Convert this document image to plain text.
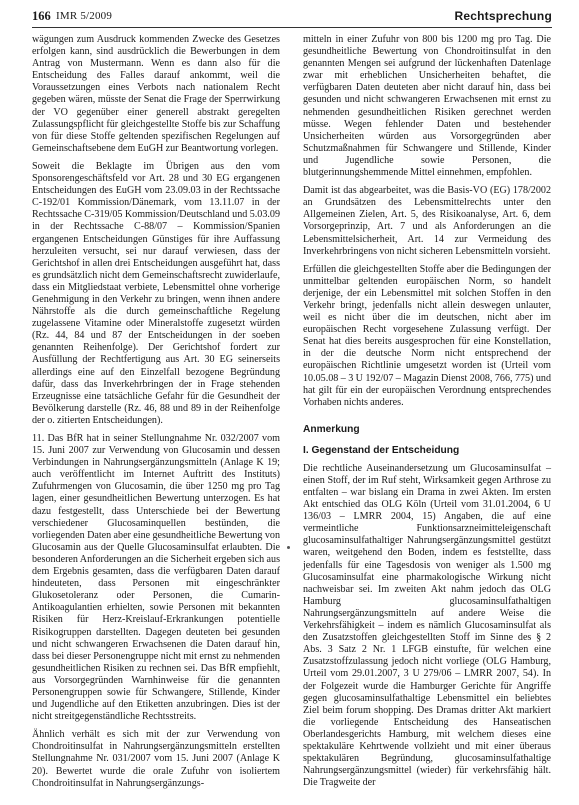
166 IMR 5/2009	Rechtsprechung

wägungen zum Ausdruck kommenden Zwecke des Gesetzes erfolgen kann, sind ausdrücklich die Bewerbungen in dem Antrag von Mustermann. Wenn es dann also für die Entscheidung des Falles darauf ankommt, weil die Voraussetzungen eines Verbots nach nationalem Recht gegeben wären, müsste der Senat die Frage der Sperrwirkung der VO gegenüber einer generell abstrakt geregelten Zulassungspflicht für gleichgestellte Stoffe bis zur Schaffung von für diese Stoffe geltenden spezifischen Regelungen auf Gemeinschaftsebene dem EuGH zur Beantwortung vorlegen.

Soweit die Beklagte im Übrigen aus den vom Sponsorengeschäftsfeld vor Art. 28 und 30 EG ergangenen Entscheidungen des EuGH vom 23.09.03 in der Rechtssache C-192/01 Kommission/Dänemark, vom 13.11.07 in der Rechtssache C-319/05 Kommission/Deutschland und 5.03.09 in der Rechtssache C-88/07 – Kommission/Spanien ergangenen Entscheidungen Günstiges für ihre Auffassung herzuleiten versucht, sei nur darauf verwiesen, dass der Gerichtshof in allen drei Entscheidungen ausgeführt hat, dass es grundsätzlich nicht dem Gemeinschaftsrecht zuwiderlaufe, dass ein Mitgliedstaat verbiete, Lebensmittel ohne vorherige Genehmigung in den Verkehr zu bringen, wenn ihnen andere Nährstoffe als die durch gemeinschaftliche Regelung zugelassene Vitamine oder Mineralstoffe zugesetzt würden (Rz. 44, 84 und 87 der Entscheidungen in der soeben genannten Reihenfolge). Der Gerichtshof fordert zur Ausfüllung der Rechtfertigung aus Art. 30 EG seinerseits allerdings eine auf den Einzelfall bezogene Begründung dafür, dass das Inverkehrbringen der in Frage stehenden Erzeugnisse eine tatsächliche Gefahr für die Gesundheit der Bevölkerung darstelle (Rz. 46, 88 und 89 in der Reihenfolge der o. zitierten Entscheidungen).

11. Das BfR hat in seiner Stellungnahme Nr. 032/2007 vom 15. Juni 2007 zur Verwendung von Glucosamin und dessen Verbindungen in Nahrungsergänzungsmitteln (Anlage K 19; auch veröffentlicht im Internet Auftritt des Instituts) Zufuhrmengen von Glucosamin, die über 1250 mg pro Tag lagen, einer gesundheitlichen Bewertung unterzogen. Es hat dazu festgestellt, dass Unterschiede bei der Bewertung verschiedener Glucosaminquellen bestünden, die vorliegenden Daten aber eine gesundheitliche Bewertung von Glucosamin aus der Quelle Glucosaminsulfat erlaubten. Die besonderen Anforderungen an die Sicherheit ergeben sich aus dem Ergebnis gesamten, dass die verfügbaren Daten darauf hindeuteten, dass Personen mit eingeschränkter Glukosetoleranz oder Personen, die Cumarin-Antikoagulantien erhielten, sowie Personen mit bekannten Risiken für Herz-Kreislauf-Erkrankungen potentielle Risikogruppen darstellten. Dagegen deuteten bei gesunden und nicht schwangeren Erwachsenen die Daten darauf hin, dass bei dieser Personengruppe nicht mit ernst zu nehmenden gesundheitlichen Risiken zu rechnen sei. Das BfR empfiehlt, aus Vorsorgegründen Warnhinweise für die genannten Personengruppen sowie für Schwangere, Stillende, Kinder und Jugendliche auf den Etiketten anzubringen. Dies ist der nicht streitgegenständliche Rechtsstreits.

Ähnlich verhält es sich mit der zur Verwendung von Chondroitinsulfat in Nahrungsergänzungsmitteln erstellten Stellungnahme Nr. 031/2007 vom 15. Juni 2007 (Anlage K 20). Bewertet wurde die orale Zufuhr von isoliertem Chondroitinsulfat in Nahrungsergänzungs-

mitteln in einer Zufuhr von 800 bis 1200 mg pro Tag. Die gesundheitliche Bewertung von Chondroitinsulfat in den genannten Mengen sei aufgrund der lückenhaften Datenlage zwar mit erheblichen Unsicherheiten behaftet, die verfügbaren Daten deuteten aber nicht darauf hin, dass bei gesunden und nicht schwangeren Erwachsenen mit ernst zu nehmenden gesundheitlichen Risiken gerechnet werden müsse. Wegen fehlender Daten und bestehender Unsicherheiten würden aus Vorsorgegründen aber Schutzmaßnahmen für Schwangere und Stillende, Kinder und Jugendliche sowie Personen, die blutgerinnungshemmende Mittel einnehmen, empfohlen.

Damit ist das abgearbeitet, was die Basis-VO (EG) 178/2002 an Grundsätzen des Lebensmittelrechts unter den Allgemeinen Zielen, Art. 5, des Risikoanalyse, Art. 6, dem Vorsorgeprinzip, Art. 7 und als Anforderungen an die Lebensmittelsicherheit, Art. 14 zur Vermeidung des Inverkehrbringens von nicht sicheren Lebensmitteln vorsieht.

Erfüllen die gleichgestellten Stoffe aber die Bedingungen der unmittelbar geltenden europäischen Norm, so handelt derjenige, der ein Lebensmittel mit solchen Stoffen in den Verkehr bringt, jedenfalls nicht allein deswegen unlauter, weil es nicht über die im deutschen, nicht aber im europäischen Recht vorgesehene Zulassung verfügt. Der Senat hat dies bereits ausgesprochen für eine Konstellation, in der die deutsche Norm nicht entsprechend der europäischen Richtlinie umgesetzt worden ist (Urteil vom 10.05.08 – 3 U 192/07 – Magazin Dienst 2008, 766, 775) und hat gilt für ein der europäischen Verordnung entsprechendes Vorhaben nichts anderes.

Anmerkung
I. Gegenstand der Entscheidung

Die rechtliche Auseinandersetzung um Glucosaminsulfat – einen Stoff, der im Ruf steht, Wirksamkeit gegen Arthrose zu entfalten – war bislang ein Drama in zwei Akten. Im ersten Akt entschied das OLG Köln (Urteil vom 31.01.2004, 6 U 136/03 – LMRR 2004, 15) Angaben, die auf eine vermeintliche Funktionsarzneimitteleigenschaft glucosaminsulfathaltiger Nahrungsergänzungsmittel gestützt waren, weitgehend den Boden, indem es feststellte, dass jedenfalls für eine Tagesdosis von weniger als 1.500 mg Glucosaminsulfat eine pharmakologische Wirkung nicht nachweisbar sei. Im zweiten Akt nahm jedoch das OLG Hamburg glucosaminsulfathaltigen Nahrungsergänzungsmitteln auf andere Weise die Verkehrsfähigkeit – indem es nämlich Glucosaminsulfat als den Zusatzstoffen gleichgestellten Stoff im Sinne des § 2 Abs. 3 Satz 2 Nr. 1 LFGB einstufte, für welchen eine Zusatzstoffzulassung jedoch nicht vorliege (OLG Hamburg, Urteil vom 29.01.2007, 3 U 279/06 – LMRR 2007, 54). In der Folgezeit wurde die Hamburger Gerichte für Angriffe gegen glucosaminsulfathaltige Lebensmittel ein beliebtes Ziel beim forum shopping. Des Dramas dritter Akt markiert die vorliegende Entscheidung des Hanseatischen Oberlandesgerichts Hamburg, mit welchem dieses eine spektakuläre Kehrtwende vollzieht und mit einer überaus spektakulären Begründung, glucosaminsulfathaltige Nahrungsergänzungsmittel (wieder) für verkehrsfähig hält. Die Tragweite der
